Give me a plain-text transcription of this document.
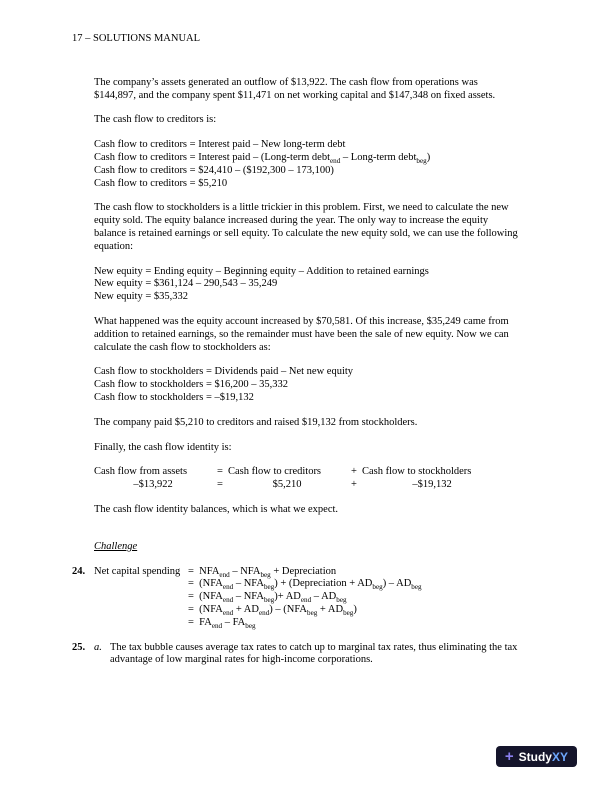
17 – SOLUTIONS MANUAL
The company’s assets generated an outflow of $13,922. The cash flow from operations was $144,897, and the company spent $11,471 on net working capital and $147,348 on fixed assets.
The cash flow to creditors is:
Cash flow to creditors = Interest paid – New long-term debt
Cash flow to creditors = Interest paid – (Long-term debt$_{end}$ – Long-term debt$_{beg}$)
Cash flow to creditors = $24,410 – ($192,300 – 173,100)
Cash flow to creditors = $5,210
The cash flow to stockholders is a little trickier in this problem. First, we need to calculate the new equity sold. The equity balance increased during the year. The only way to increase the equity balance is retained earnings or sell equity. To calculate the new equity sold, we can use the following equation:
New equity = Ending equity – Beginning equity – Addition to retained earnings
New equity = $361,124 – 290,543 – 35,249
New equity = $35,332
What happened was the equity account increased by $70,581. Of this increase, $35,249 came from addition to retained earnings, so the remainder must have been the sale of new equity. Now we can calculate the cash flow to stockholders as:
Cash flow to stockholders = Dividends paid – Net new equity
Cash flow to stockholders = $16,200 – 35,332
Cash flow to stockholders = –$19,132
The company paid $5,210 to creditors and raised $19,132 from stockholders.
Finally, the cash flow identity is:
Cash flow from assets	=	Cash flow to creditors	+	Cash flow to stockholders
–$13,922	=	$5,210	+	–$19,132
The cash flow identity balances, which is what we expect.
Challenge
24. Net capital spending =  $NFA_{end} - NFA_{beg}$ + Depreciation
=  $(NFA_{end} - NFA_{beg})$ + (Depreciation + $AD_{beg}) - AD_{beg}$
=  $(NFA_{end} - NFA_{beg})+ AD_{end} - AD_{beg}$
=  $(NFA_{end} + AD_{end}) - (NFA_{beg} + AD_{beg})$
=  $FA_{end} - FA_{beg}$
25. a. The tax bubble causes average tax rates to catch up to marginal tax rates, thus eliminating the tax advantage of low marginal rates for high-income corporations.
+ StudyXY
